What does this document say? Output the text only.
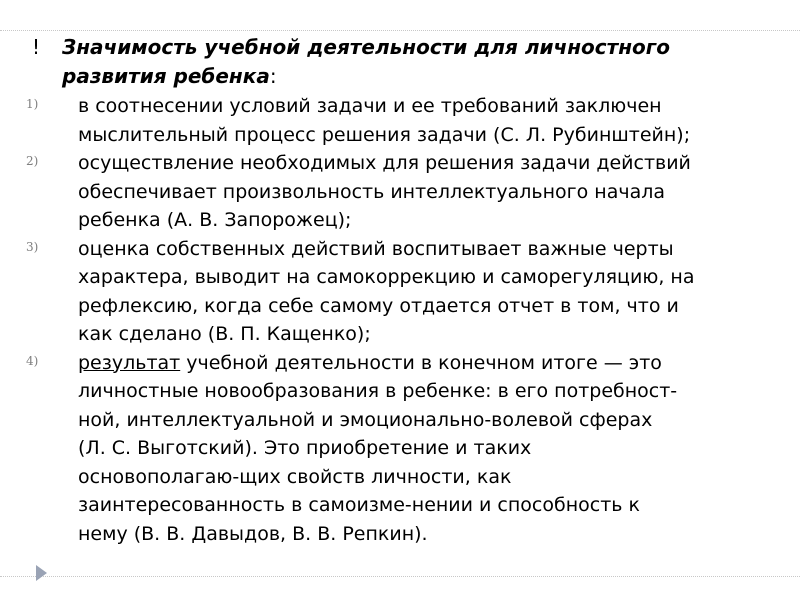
! Значимость учебной деятельности для личностного
развития ребенка:
1) в соотнесении условий задачи и ее требований заключен
мыслительный процесс решения задачи (С. Л. Рубинштейн);
2) осуществление необходимых для решения задачи действий
обеспечивает произвольность интеллектуального начала
ребенка (А. В. Запорожец);
3) оценка собственных действий воспитывает важные черты
характера, выводит на самокоррекцию и саморегуляцию, на
рефлексию, когда себе самому отдается отчет в том, что и
как сделано (В. П. Кащенко);
4) результат учебной деятельности в конечном итоге — это
личностные новообразования в ребенке: в его потребност-
ной, интеллектуальной и эмоционально-волевой сферах
(Л. С. Выготский). Это приобретение и таких
основополагаю-щих свойств личности, как
заинтересованность в самоизме-нении и способность к
нему (В. В. Давыдов, В. В. Репкин).
